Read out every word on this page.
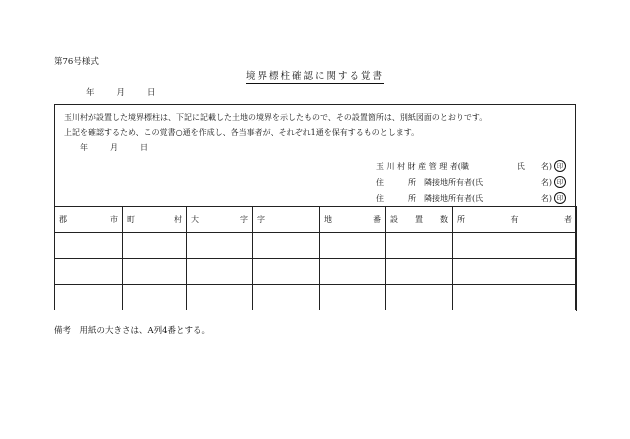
第76号様式
境界標柱確認に関する覚書
年	月	日
玉川村が設置した境界標柱は、下記に記載した土地の境界を示したもので、その設置箇所は、別紙図面のとおりです。
上記を確認するため、この覚書○通を作成し、各当事者が、それぞれ1通を保有するものとします。
年	月	日
玉 川 村 財 産 管 理 者(職	氏　　名) 印
住　　　所　隣接地所有者(氏	名) 印
住　　　所　隣接地所有者(氏	名) 印
郡市	町村	大字	字	地番	設置数	所有者

備考　用紙の大きさは、A列4番とする。
